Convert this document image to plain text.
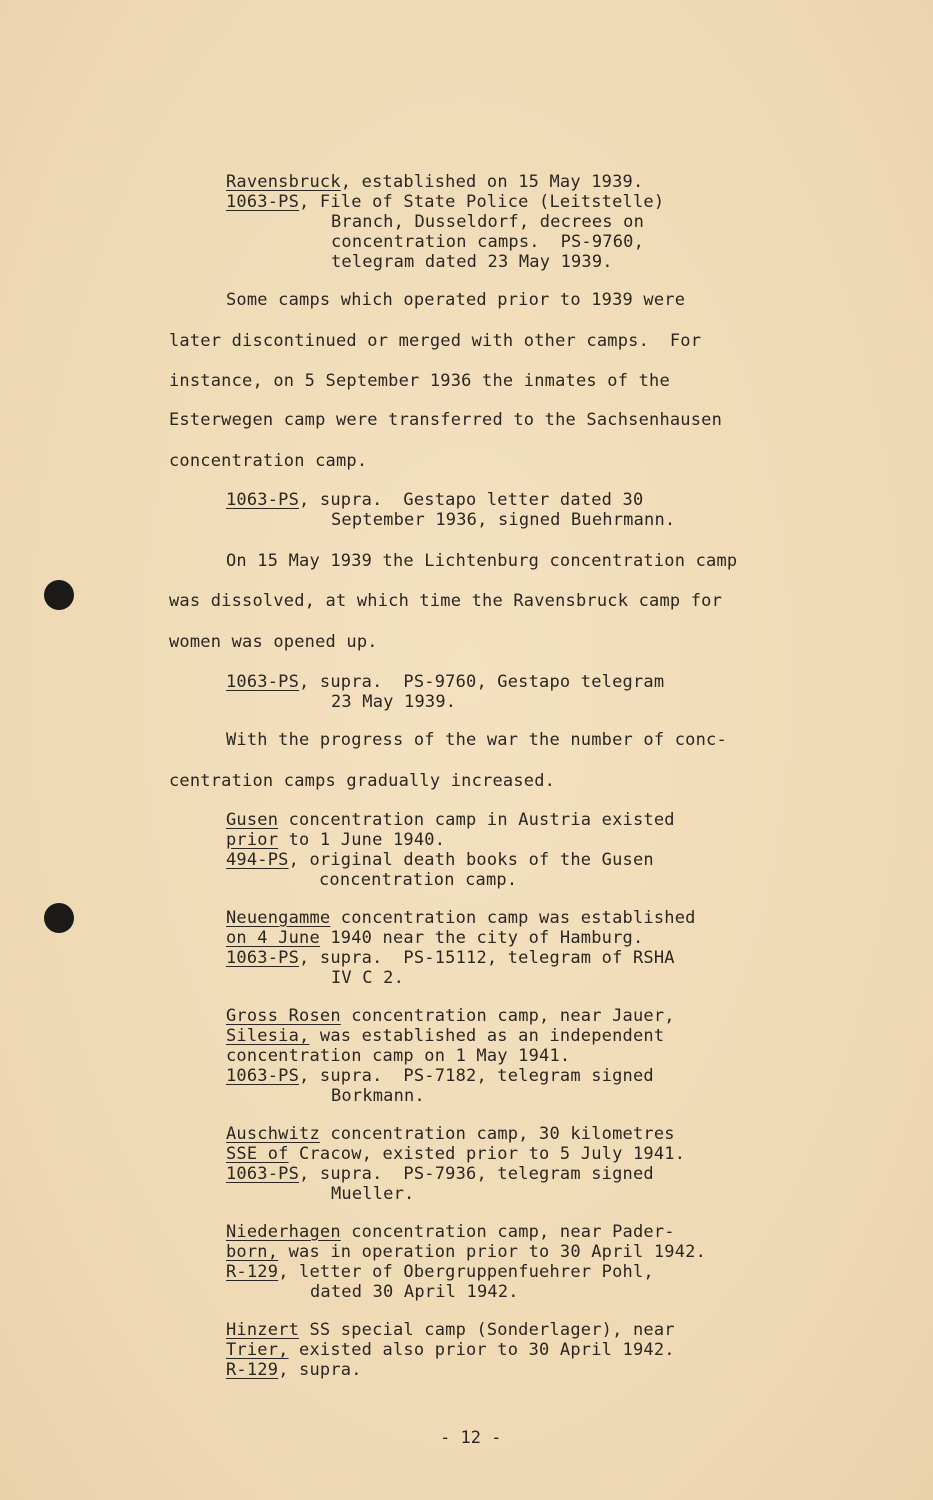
Ravensbruck, established on 15 May 1939.
1063-PS, File of State Police (Leitstelle)
Branch, Dusseldorf, decrees on
concentration camps.  PS-9760,
telegram dated 23 May 1939.
Some camps which operated prior to 1939 were
later discontinued or merged with other camps.  For
instance, on 5 September 1936 the inmates of the
Esterwegen camp were transferred to the Sachsenhausen
concentration camp.
1063-PS, supra.  Gestapo letter dated 30
September 1936, signed Buehrmann.
On 15 May 1939 the Lichtenburg concentration camp
was dissolved, at which time the Ravensbruck camp for
women was opened up.
1063-PS, supra.  PS-9760, Gestapo telegram
23 May 1939.
With the progress of the war the number of conc-
centration camps gradually increased.
Gusen concentration camp in Austria existed
prior to 1 June 1940.
494-PS, original death books of the Gusen
concentration camp.
Neuengamme concentration camp was established
on 4 June 1940 near the city of Hamburg.
1063-PS, supra.  PS-15112, telegram of RSHA
IV C 2.
Gross Rosen concentration camp, near Jauer,
Silesia, was established as an independent
concentration camp on 1 May 1941.
1063-PS, supra.  PS-7182, telegram signed
Borkmann.
Auschwitz concentration camp, 30 kilometres
SSE of Cracow, existed prior to 5 July 1941.
1063-PS, supra.  PS-7936, telegram signed
Mueller.
Niederhagen concentration camp, near Pader-
born, was in operation prior to 30 April 1942.
R-129, letter of Obergruppenfuehrer Pohl,
dated 30 April 1942.
Hinzert SS special camp (Sonderlager), near
Trier, existed also prior to 30 April 1942.
R-129, supra.
- 12 -
